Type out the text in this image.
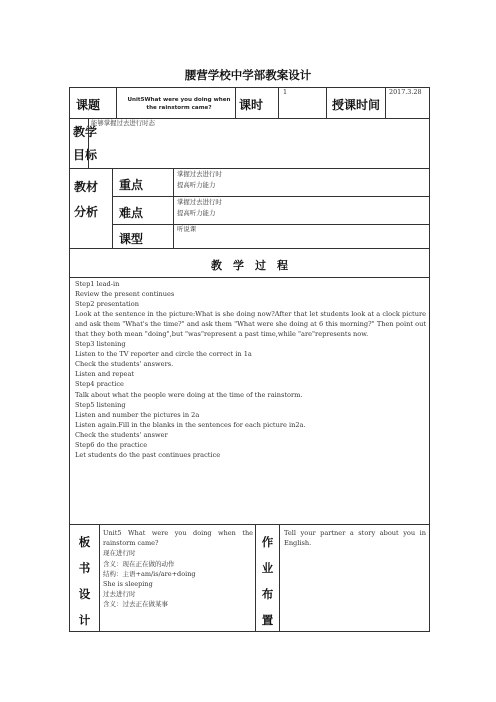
腰营学校中学部教案设计
课题	Unit5What were you doing when the rainstorm came?	课时
1
授课时间
2017.3.28
教学
目标
能够掌握过去进行时态
教材
分析
重点
掌握过去进行时
提高听力能力
难点
掌握过去进行时
提高听力能力
课型
听说课
教　学　过　程
Step1 lead-in
Review the present continues
Step2 presentation
Look at the sentence in the picture:What is she doing now?After that let students look at a clock picture and ask them "What's the time?" and ask them "What were she doing at 6 this morning?" Then point out that they both mean "doing",but "was"represent a past time,while "are"represents now.
Step3 listening
Listen to the TV reporter and circle the correct in 1a
Check the students' answers.
Listen and repeat
Step4 practice
Talk about what the people were doing at the time of the rainstorm.
Step5 listening
Listen and number the pictures in 2a
Listen again.Fill in the blanks in the sentences for each picture in2a.
Check the students' answer
Step6 do the practice
Let students do the past continues practice
板
书
设
计
Unit5 What were you doing when the rainstorm came?
现在进行时
含义：现在正在做的动作
结构：主语+am/is/are+doing
She is sleeping
过去进行时
含义：过去正在做某事
作
业
布
置
Tell your partner a story about you in English.
